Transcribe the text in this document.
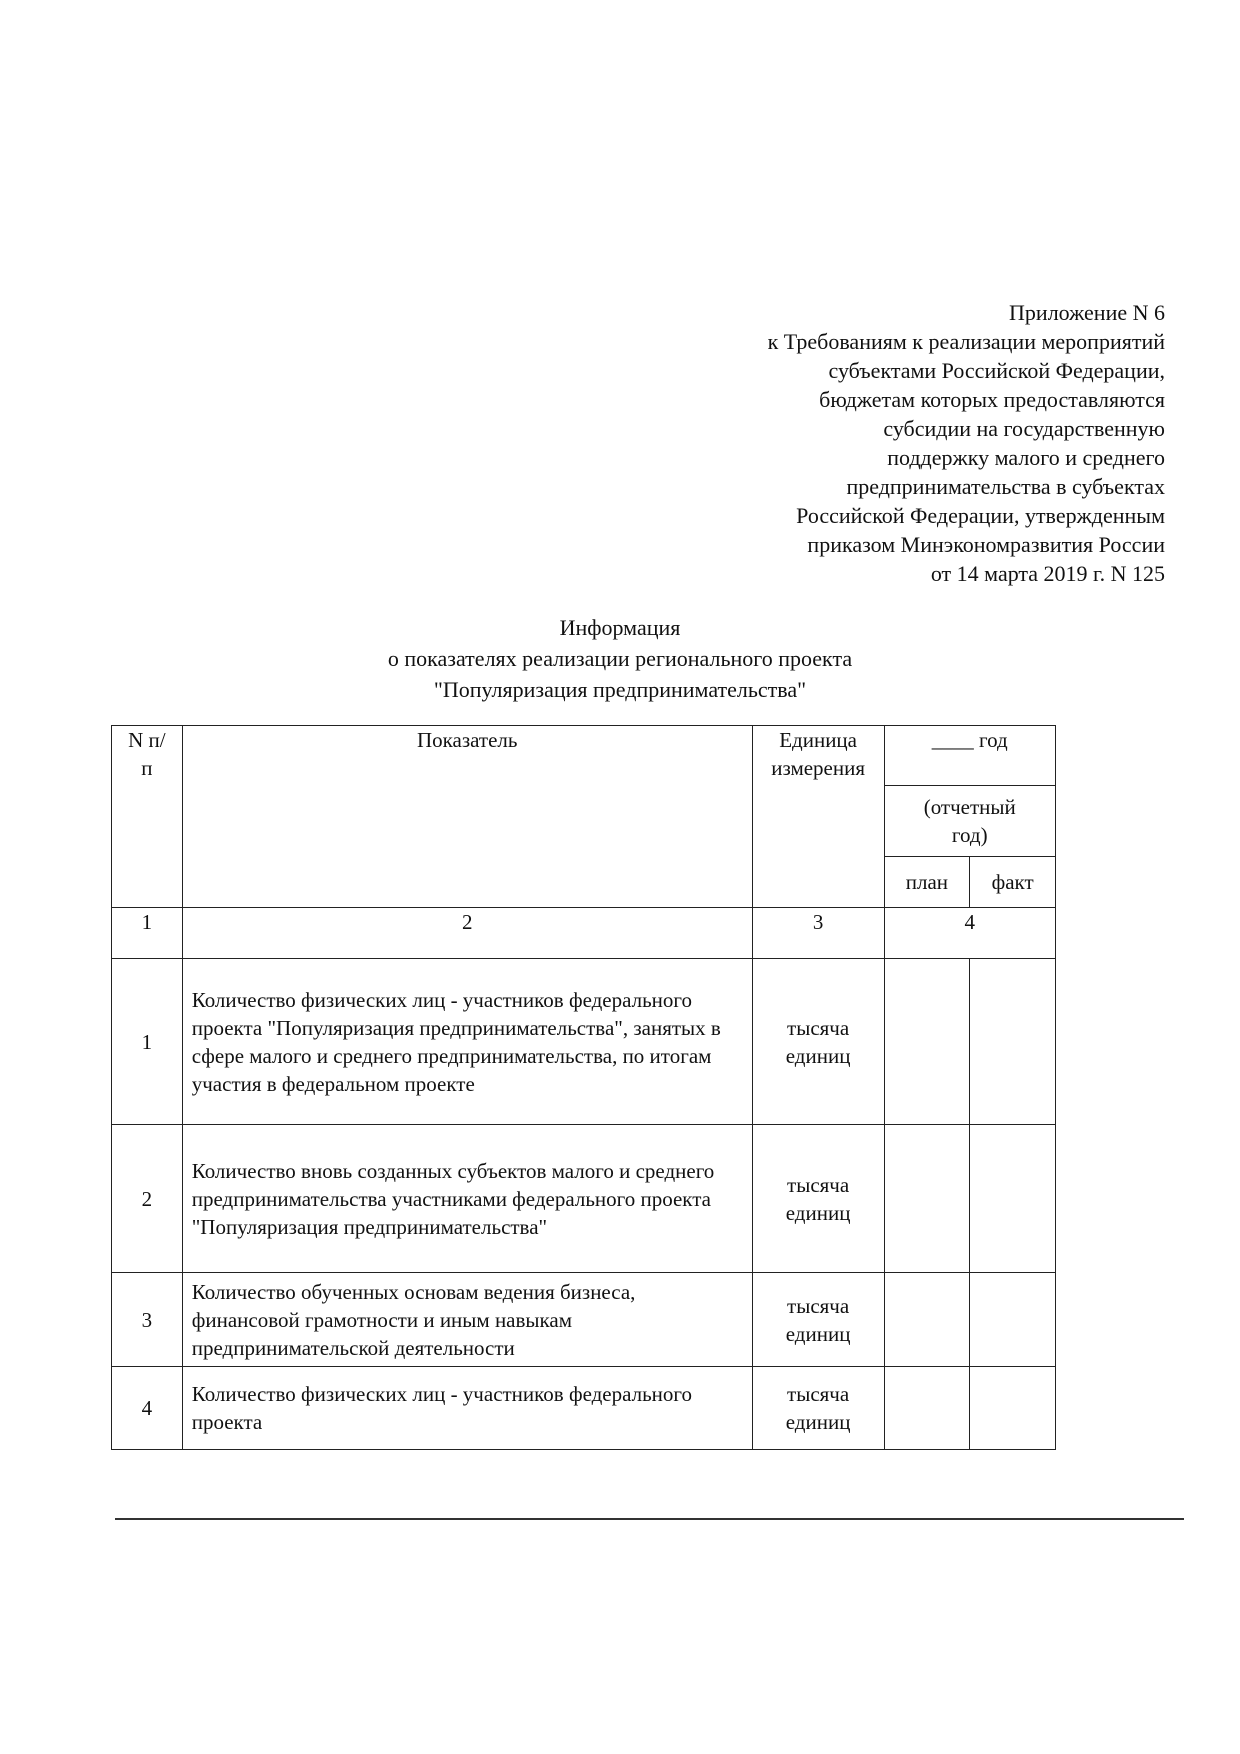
Приложение N 6
к Требованиям к реализации мероприятий
субъектами Российской Федерации,
бюджетам которых предоставляются
субсидии на государственную
поддержку малого и среднего
предпринимательства в субъектах
Российской Федерации, утвержденным
приказом Минэкономразвития России
от 14 марта 2019 г. N 125
Информация
о показателях реализации регионального проекта
"Популяризация предпринимательства"
N п/п	Показатель	Единица измерения	____ год	

			(отчетный год)	

			план	факт
1	2	3	4	
1	Количество физических лиц - участников федерального проекта "Популяризация предпринимательства", занятых в сфере малого и среднего предпринимательства, по итогам участия в федеральном проекте	тысяча единиц		

2	Количество вновь созданных субъектов малого и среднего предпринимательства участниками федерального проекта "Популяризация предпринимательства"	тысяча единиц		

3	Количество обученных основам ведения бизнеса, финансовой грамотности и иным навыкам предпринимательской деятельности	тысяча единиц		

4	Количество физических лиц - участников федерального проекта	тысяча единиц		
